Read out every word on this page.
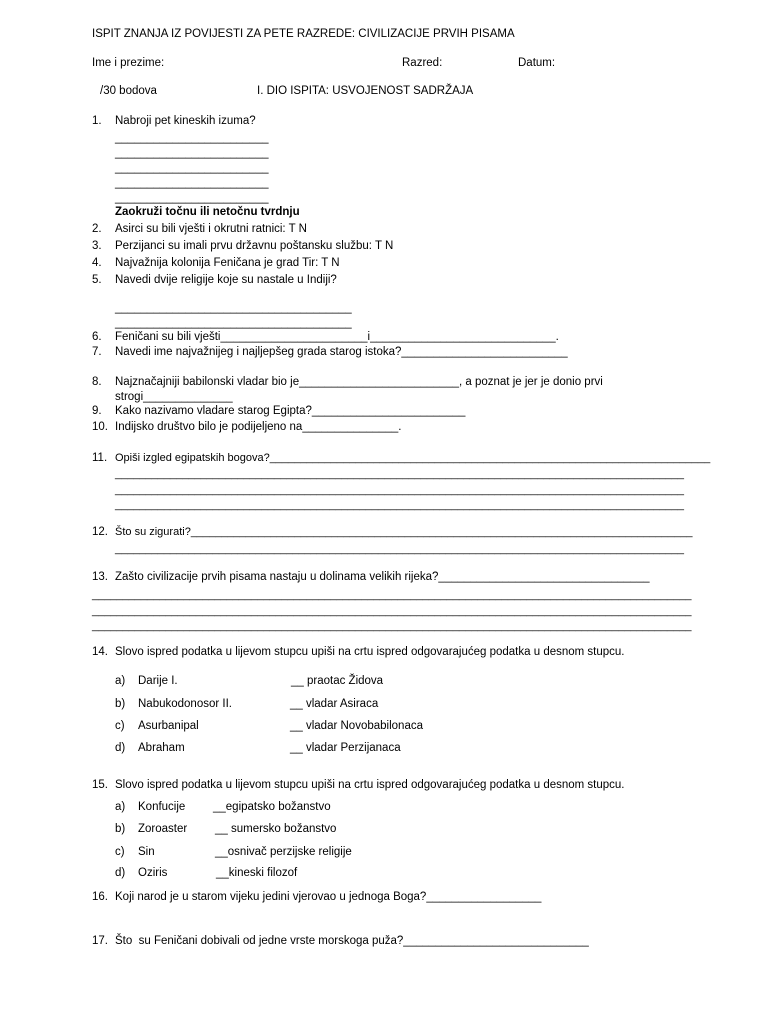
ISPIT ZNANJA IZ POVIJESTI ZA PETE RAZREDE: CIVILIZACIJE PRVIH PISAMA
Ime i prezime:	Razred:	Datum:
/30 bodova	I. DIO ISPITA: USVOJENOST SADRŽAJA
1. Nabroji pet kineskih izuma?
________________________
________________________
________________________
________________________
________________________
Zaokruži točnu ili netočnu tvrdnju
2. Asirci su bili vješti i okrutni ratnici: T N
3. Perzijanci su imali prvu državnu poštansku službu: T N
4. Najvažnija kolonija Feničana je grad Tir: T N
5. Navedi dvije religije koje su nastale u Indiji?
_____________________________________
_____________________________________
6. Feničani su bili vješti_______________________i_____________________________.
7. Navedi ime najvažnijeg i najljepšeg grada starog istoka?__________________________
8. Najznačajniji babilonski vladar bio je_________________________, a poznat je jer je donio prvi
strogi______________
9. Kako nazivamo vladare starog Egipta?________________________
10. Indijsko društvo bilo je podijeljeno na_______________.
11. Opiši izgled egipatskih bogova?________________________________________________________________________
_____________________________________________________________________________________________
_____________________________________________________________________________________________
_____________________________________________________________________________________________
12. Što su zigurati?__________________________________________________________________________________
_____________________________________________________________________________________________
13. Zašto civilizacije prvih pisama nastaju u dolinama velikih rijeka?_________________________________
__________________________________________________________________________________________________
__________________________________________________________________________________________________
__________________________________________________________________________________________________
14. Slovo ispred podatka u lijevom stupcu upiši na crtu ispred odgovarajućeg podatka u desnom stupcu.
a) Darije I.	__ praotac Židova
b) Nabukodonosor II.	__ vladar Asiraca
c) Asurbanipal	__ vladar Novobabilonaca
d) Abraham	__ vladar Perzijanaca
15. Slovo ispred podatka u lijevom stupcu upiši na crtu ispred odgovarajućeg podatka u desnom stupcu.
a) Konfucije __egipatsko božanstvo
b) Zoroaster __ sumersko božanstvo
c) Sin	__osnivač perzijske religije
d) Oziris	__kineski filozof
16. Koji narod je u starom vijeku jedini vjerovao u jednoga Boga?__________________
17. Što  su Feničani dobivali od jedne vrste morskoga puža?_____________________________
